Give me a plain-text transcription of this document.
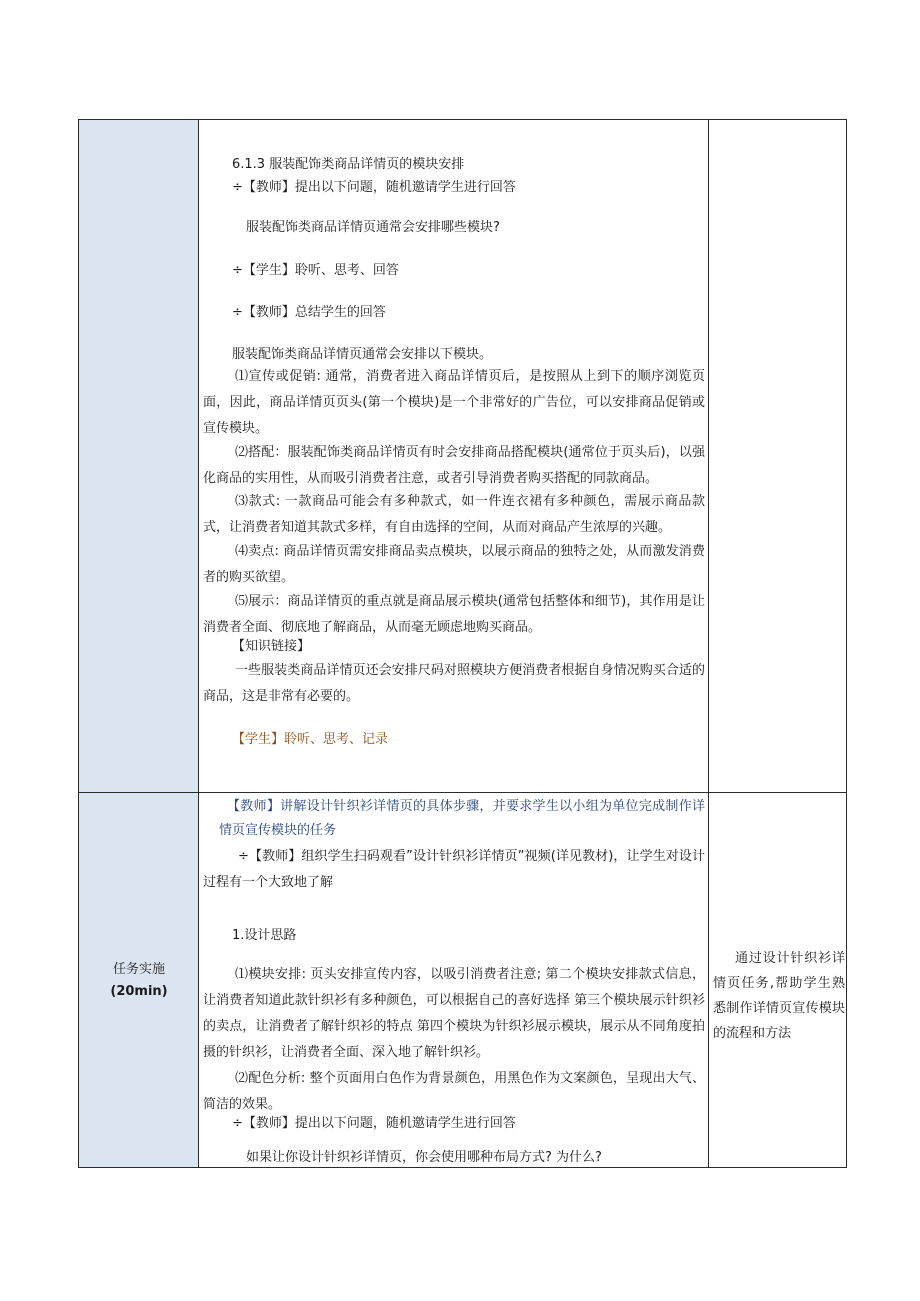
6.1.3 服装配饰类商品详情页的模块安排

÷【教师】提出以下问题，随机邀请学生进行回答

服装配饰类商品详情页通常会安排哪些模块?

÷【学生】聆听、思考、回答

÷【教师】总结学生的回答

服装配饰类商品详情页通常会安排以下模块。

⑴宣传或促销: 通常，消费者进入商品详情页后，是按照从上到下的顺序浏览页面，因此，商品详情页页头(第一个模块)是一个非常好的广告位，可以安排商品促销或宣传模块。

⑵搭配：服装配饰类商品详情页有时会安排商品搭配模块(通常位于页头后)，以强化商品的实用性，从而吸引消费者注意，或者引导消费者购买搭配的同款商品。

⑶款式: 一款商品可能会有多种款式，如一件连衣裙有多种颜色，需展示商品款式，让消费者知道其款式多样，有自由选择的空间，从而对商品产生浓厚的兴趣。

⑷卖点: 商品详情页需安排商品卖点模块，以展示商品的独特之处，从而激发消费者的购买欲望。

⑸展示：商品详情页的重点就是商品展示模块(通常包括整体和细节)，其作用是让消费者全面、彻底地了解商品，从而毫无顾虑地购买商品。

【知识链接】

一些服装类商品详情页还会安排尺码对照模块方便消费者根据自身情况购买合适的商品，这是非常有必要的。

【学生】聆听、思考、记录

任务实施
(20min)

【教师】讲解设计针织衫详情页的具体步骤，并要求学生以小组为单位完成制作详情页宣传模块的任务

÷【教师】组织学生扫码观看”设计针织衫详情页”视频(详见教材)，让学生对设计过程有一个大致地了解

1.设计思路

⑴模块安排: 页头安排宣传内容，以吸引消费者注意; 第二个模块安排款式信息，让消费者知道此款针织衫有多种颜色，可以根据自己的喜好选择 第三个模块展示针织衫的卖点，让消费者了解针织衫的特点 第四个模块为针织衫展示模块，展示从不同角度拍摄的针织衫，让消费者全面、深入地了解针织衫。

⑵配色分析: 整个页面用白色作为背景颜色，用黑色作为文案颜色，呈现出大气、简洁的效果。

÷【教师】提出以下问题，随机邀请学生进行回答

如果让你设计针织衫详情页，你会使用哪种布局方式? 为什么?

通过设计针织衫详情页任务,帮助学生熟悉制作详情页宣传模块的流程和方法
